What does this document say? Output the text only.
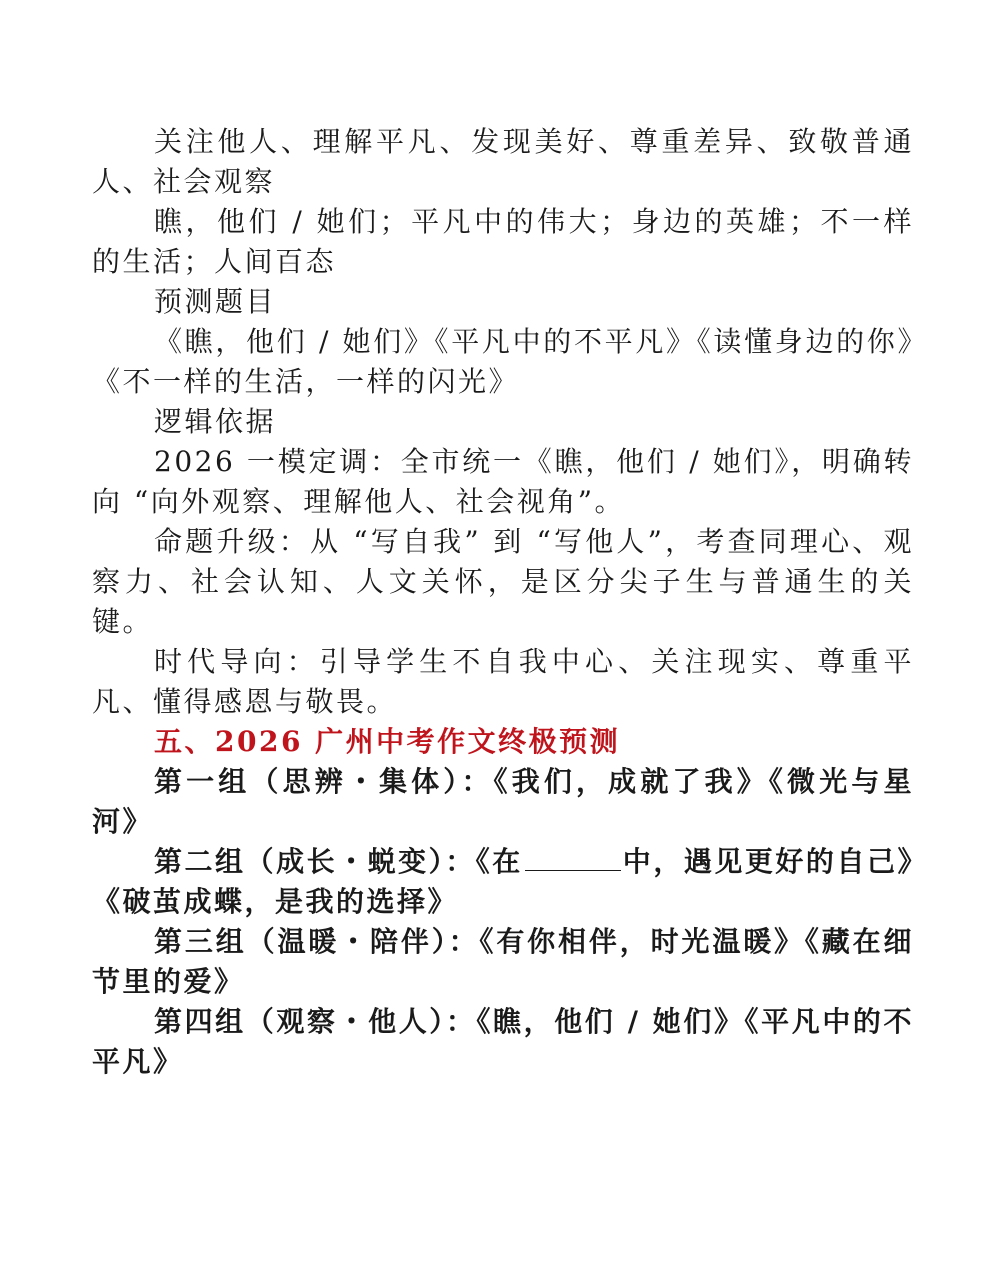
关注他人、理解平凡、发现美好、尊重差异、致敬普通人、社会观察

瞧，他们 / 她们；平凡中的伟大；身边的英雄；不一样的生活；人间百态

预测题目

《瞧，他们 / 她们》《平凡中的不平凡》《读懂身边的你》《不一样的生活，一样的闪光》

逻辑依据

2026 一模定调：全市统一《瞧，他们 / 她们》，明确转向 “向外观察、理解他人、社会视角”。

命题升级：从 “写自我” 到 “写他人”，考查同理心、观察力、社会认知、人文关怀，是区分尖子生与普通生的关键。

时代导向：引导学生不自我中心、关注现实、尊重平凡、懂得感恩与敬畏。

五、2026 广州中考作文终极预测

第一组（思辨・集体）：《我们，成就了我》《微光与星河》

第二组（成长・蜕变）：《在	中，遇见更好的自己》《破茧成蝶，是我的选择》

第三组（温暖・陪伴）：《有你相伴，时光温暖》《藏在细节里的爱》

第四组（观察・他人）：《瞧，他们 / 她们》《平凡中的不平凡》
